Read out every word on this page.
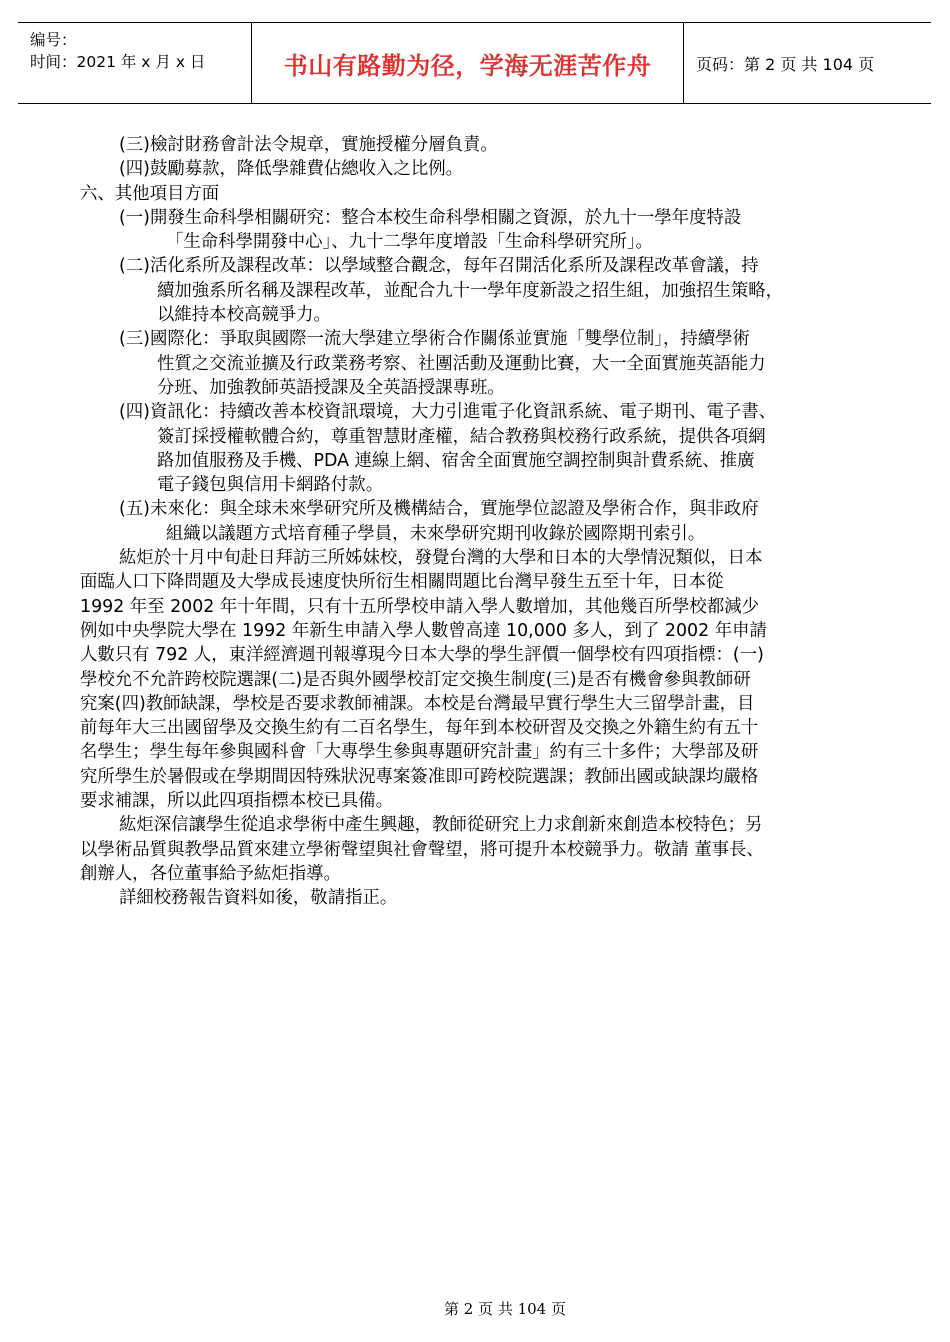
编号：
时间：2021 年 x 月 x 日	书山有路勤为径，学海无涯苦作舟	页码：第 2 页 共 104 页

(三)檢討財務會計法令規章，實施授權分層負責。

(四)鼓勵募款，降低學雜費佔總收入之比例。

六、其他項目方面

(一)開發生命科學相關研究：整合本校生命科學相關之資源，於九十一學年度特設

「生命科學開發中心」、九十二學年度增設「生命科學研究所」。

(二)活化系所及課程改革：以學域整合觀念，每年召開活化系所及課程改革會議，持

續加強系所名稱及課程改革，並配合九十一學年度新設之招生組，加強招生策略，

以維持本校高競爭力。

(三)國際化：爭取與國際一流大學建立學術合作關係並實施「雙學位制」，持續學術

性質之交流並擴及行政業務考察、社團活動及運動比賽，大一全面實施英語能力

分班、加強教師英語授課及全英語授課專班。

(四)資訊化：持續改善本校資訊環境，大力引進電子化資訊系統、電子期刊、電子書、

簽訂採授權軟體合約，尊重智慧財產權，結合教務與校務行政系統，提供各項網

路加值服務及手機、PDA 連線上網、宿舍全面實施空調控制與計費系統、推廣

電子錢包與信用卡網路付款。

(五)未來化：與全球未來學研究所及機構結合，實施學位認證及學術合作，與非政府

組織以議題方式培育種子學員，未來學研究期刊收錄於國際期刊索引。

紘炬於十月中旬赴日拜訪三所姊妹校，發覺台灣的大學和日本的大學情況類似，日本

面臨人口下降問題及大學成長速度快所衍生相關問題比台灣早發生五至十年，日本從

1992 年至 2002 年十年間，只有十五所學校申請入學人數增加，其他幾百所學校都減少

例如中央學院大學在 1992 年新生申請入學人數曾高達 10,000 多人，到了 2002 年申請

人數只有 792 人，東洋經濟週刊報導現今日本大學的學生評價一個學校有四項指標：(一)

學校允不允許跨校院選課(二)是否與外國學校訂定交換生制度(三)是否有機會參與教師研

究案(四)教師缺課，學校是否要求教師補課。本校是台灣最早實行學生大三留學計畫，目

前每年大三出國留學及交換生約有二百名學生，每年到本校研習及交換之外籍生約有五十

名學生；學生每年參與國科會「大專學生參與專題研究計畫」約有三十多件；大學部及研

究所學生於暑假或在學期間因特殊狀況專案簽准即可跨校院選課；教師出國或缺課均嚴格

要求補課，所以此四項指標本校已具備。

紘炬深信讓學生從追求學術中產生興趣，教師從研究上力求創新來創造本校特色；另

以學術品質與教學品質來建立學術聲望與社會聲望，將可提升本校競爭力。敬請 董事長、

創辦人，各位董事給予紘炬指導。

詳細校務報告資料如後，敬請指正。

第 2 页 共 104 页
